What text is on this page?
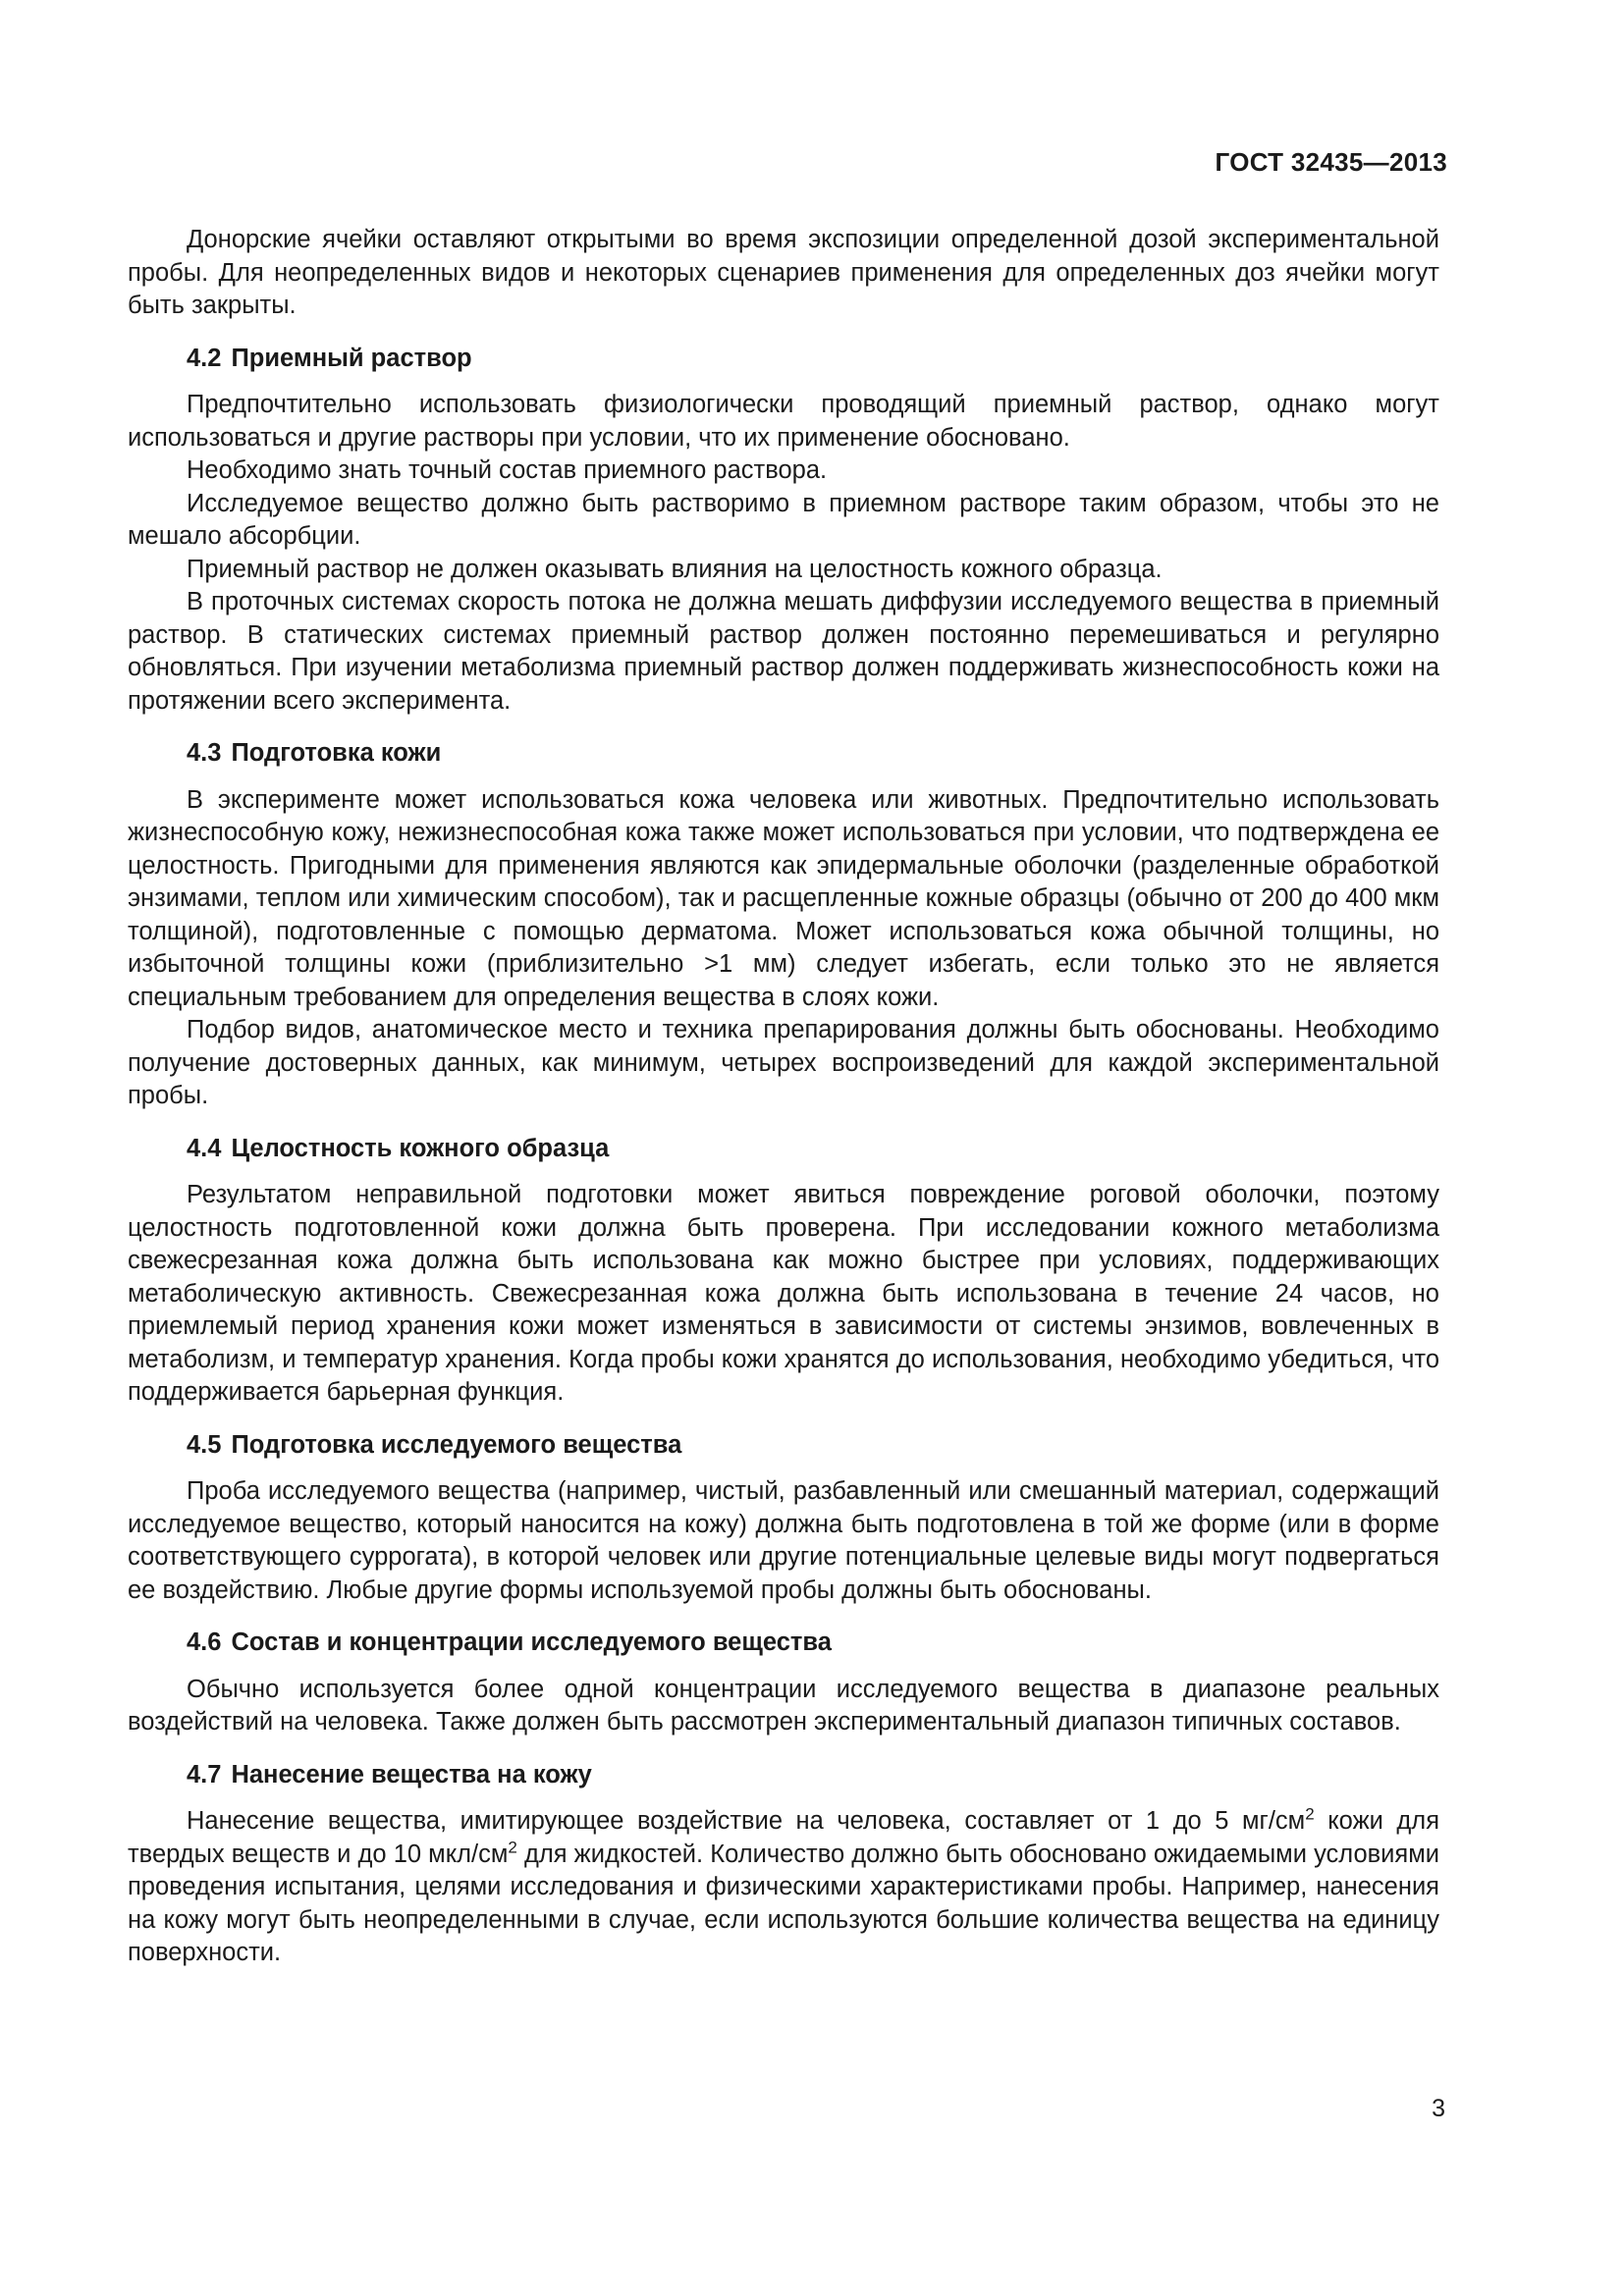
ГОСТ 32435—2013

Донорские ячейки оставляют открытыми во время экспозиции определенной дозой экспериментальной пробы. Для неопределенных видов и некоторых сценариев применения для определенных доз ячейки могут быть закрыты.

4.2 Приемный раствор

Предпочтительно использовать физиологически проводящий приемный раствор, однако могут использоваться и другие растворы при условии, что их применение обосновано.

Необходимо знать точный состав приемного раствора.

Исследуемое вещество должно быть растворимо в приемном растворе таким образом, чтобы это не мешало абсорбции.

Приемный раствор не должен оказывать влияния на целостность кожного образца.

В проточных системах скорость потока не должна мешать диффузии исследуемого вещества в приемный раствор. В статических системах приемный раствор должен постоянно перемешиваться и регулярно обновляться. При изучении метаболизма приемный раствор должен поддерживать жизнеспособность кожи на протяжении всего эксперимента.

4.3 Подготовка кожи

В эксперименте может использоваться кожа человека или животных. Предпочтительно использовать жизнеспособную кожу, нежизнеспособная кожа также может использоваться при условии, что подтверждена ее целостность. Пригодными для применения являются как эпидермальные оболочки (разделенные обработкой энзимами, теплом или химическим способом), так и расщепленные кожные образцы (обычно от 200 до 400 мкм толщиной), подготовленные с помощью дерматома. Может использоваться кожа обычной толщины, но избыточной толщины кожи (приблизительно >1 мм) следует избегать, если только это не является специальным требованием для определения вещества в слоях кожи.

Подбор видов, анатомическое место и техника препарирования должны быть обоснованы. Необходимо получение достоверных данных, как минимум, четырех воспроизведений для каждой экспериментальной пробы.

4.4 Целостность кожного образца

Результатом неправильной подготовки может явиться повреждение роговой оболочки, поэтому целостность подготовленной кожи должна быть проверена. При исследовании кожного метаболизма свежесрезанная кожа должна быть использована как можно быстрее при условиях, поддерживающих метаболическую активность. Свежесрезанная кожа должна быть использована в течение 24 часов, но приемлемый период хранения кожи может изменяться в зависимости от системы энзимов, вовлеченных в метаболизм, и температур хранения. Когда пробы кожи хранятся до использования, необходимо убедиться, что поддерживается барьерная функция.

4.5 Подготовка исследуемого вещества

Проба исследуемого вещества (например, чистый, разбавленный или смешанный материал, содержащий исследуемое вещество, который наносится на кожу) должна быть подготовлена в той же форме (или в форме соответствующего суррогата), в которой человек или другие потенциальные целевые виды могут подвергаться ее воздействию. Любые другие формы используемой пробы должны быть обоснованы.

4.6 Состав и концентрации исследуемого вещества

Обычно используется более одной концентрации исследуемого вещества в диапазоне реальных воздействий на человека. Также должен быть рассмотрен экспериментальный диапазон типичных составов.

4.7 Нанесение вещества на кожу

Нанесение вещества, имитирующее воздействие на человека, составляет от 1 до 5 $мг/см^2$ кожи для твердых веществ и до 10 мкл/$см^2$ для жидкостей. Количество должно быть обосновано ожидаемыми условиями проведения испытания, целями исследования и физическими характеристиками пробы. Например, нанесения на кожу могут быть неопределенными в случае, если используются большие количества вещества на единицу поверхности.

3
